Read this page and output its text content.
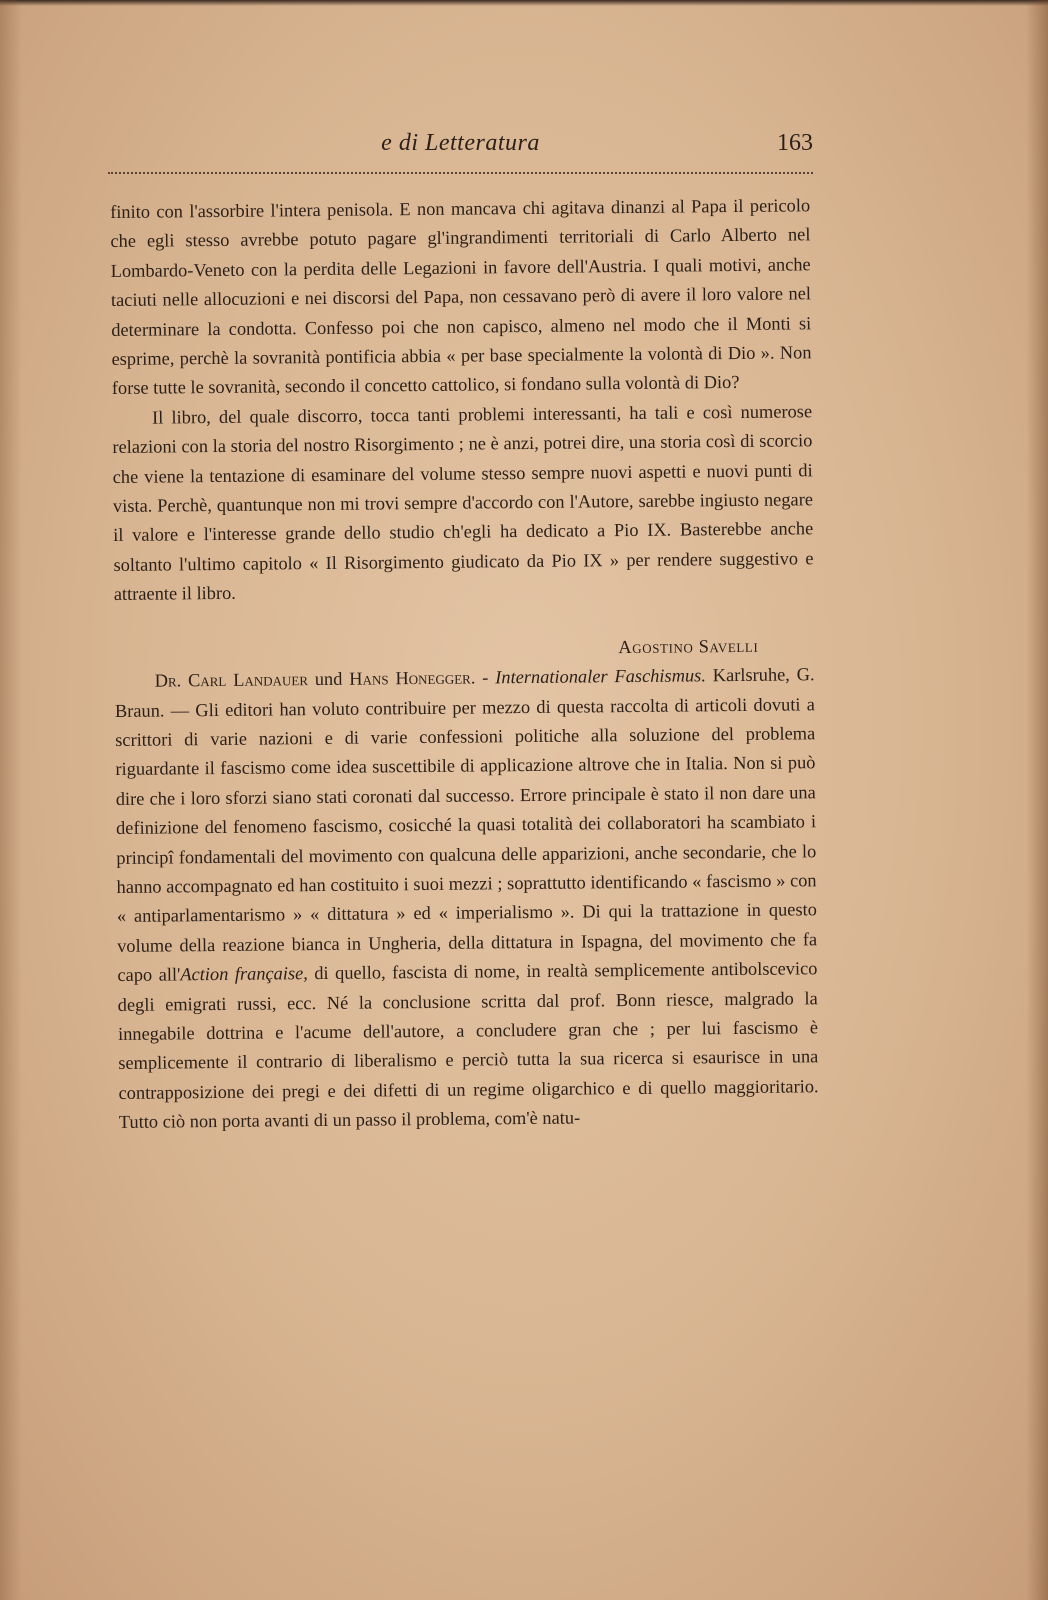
e di Letteratura	163

finito con l'assorbire l'intera penisola. E non mancava chi agitava dinanzi al Papa il pericolo che egli stesso avrebbe potuto pagare gl'ingrandimenti territoriali di Carlo Alberto nel Lombardo-Veneto con la perdita delle Legazioni in favore dell'Austria. I quali motivi, anche taciuti nelle allocuzioni e nei discorsi del Papa, non cessavano però di avere il loro valore nel determinare la condotta. Confesso poi che non capisco, almeno nel modo che il Monti si esprime, perchè la sovranità pontificia abbia « per base specialmente la volontà di Dio ». Non forse tutte le sovranità, secondo il concetto cattolico, si fondano sulla volontà di Dio?

Il libro, del quale discorro, tocca tanti problemi interessanti, ha tali e così numerose relazioni con la storia del nostro Risorgimento ; ne è anzi, potrei dire, una storia così di scorcio che viene la tentazione di esaminare del volume stesso sempre nuovi aspetti e nuovi punti di vista. Perchè, quantunque non mi trovi sempre d'accordo con l'Autore, sarebbe ingiusto negare il valore e l'interesse grande dello studio ch'egli ha dedicato a Pio IX. Basterebbe anche soltanto l'ultimo capitolo « Il Risorgimento giudicato da Pio IX » per rendere suggestivo e attraente il libro.

Agostino Savelli

Dr. Carl Landauer und Hans Honegger. - Internationaler Faschismus. Karlsruhe, G. Braun. — Gli editori han voluto contribuire per mezzo di questa raccolta di articoli dovuti a scrittori di varie nazioni e di varie confessioni politiche alla soluzione del problema riguardante il fascismo come idea suscettibile di applicazione altrove che in Italia. Non si può dire che i loro sforzi siano stati coronati dal successo. Errore principale è stato il non dare una definizione del fenomeno fascismo, cosicché la quasi totalità dei collaboratori ha scambiato i principî fondamentali del movimento con qualcuna delle apparizioni, anche secondarie, che lo hanno accompagnato ed han costituito i suoi mezzi ; soprattutto identificando « fascismo » con « antiparlamentarismo » « dittatura » ed « imperialismo ». Di qui la trattazione in questo volume della reazione bianca in Ungheria, della dittatura in Ispagna, del movimento che fa capo all'Action française, di quello, fascista di nome, in realtà semplicemente antibolscevico degli emigrati russi, ecc. Né la conclusione scritta dal prof. Bonn riesce, malgrado la innegabile dottrina e l'acume dell'autore, a concludere gran che ; per lui fascismo è semplicemente il contrario di liberalismo e perciò tutta la sua ricerca si esaurisce in una contrapposizione dei pregi e dei difetti di un regime oligarchico e di quello maggioritario. Tutto ciò non porta avanti di un passo il problema, com'è natu-
